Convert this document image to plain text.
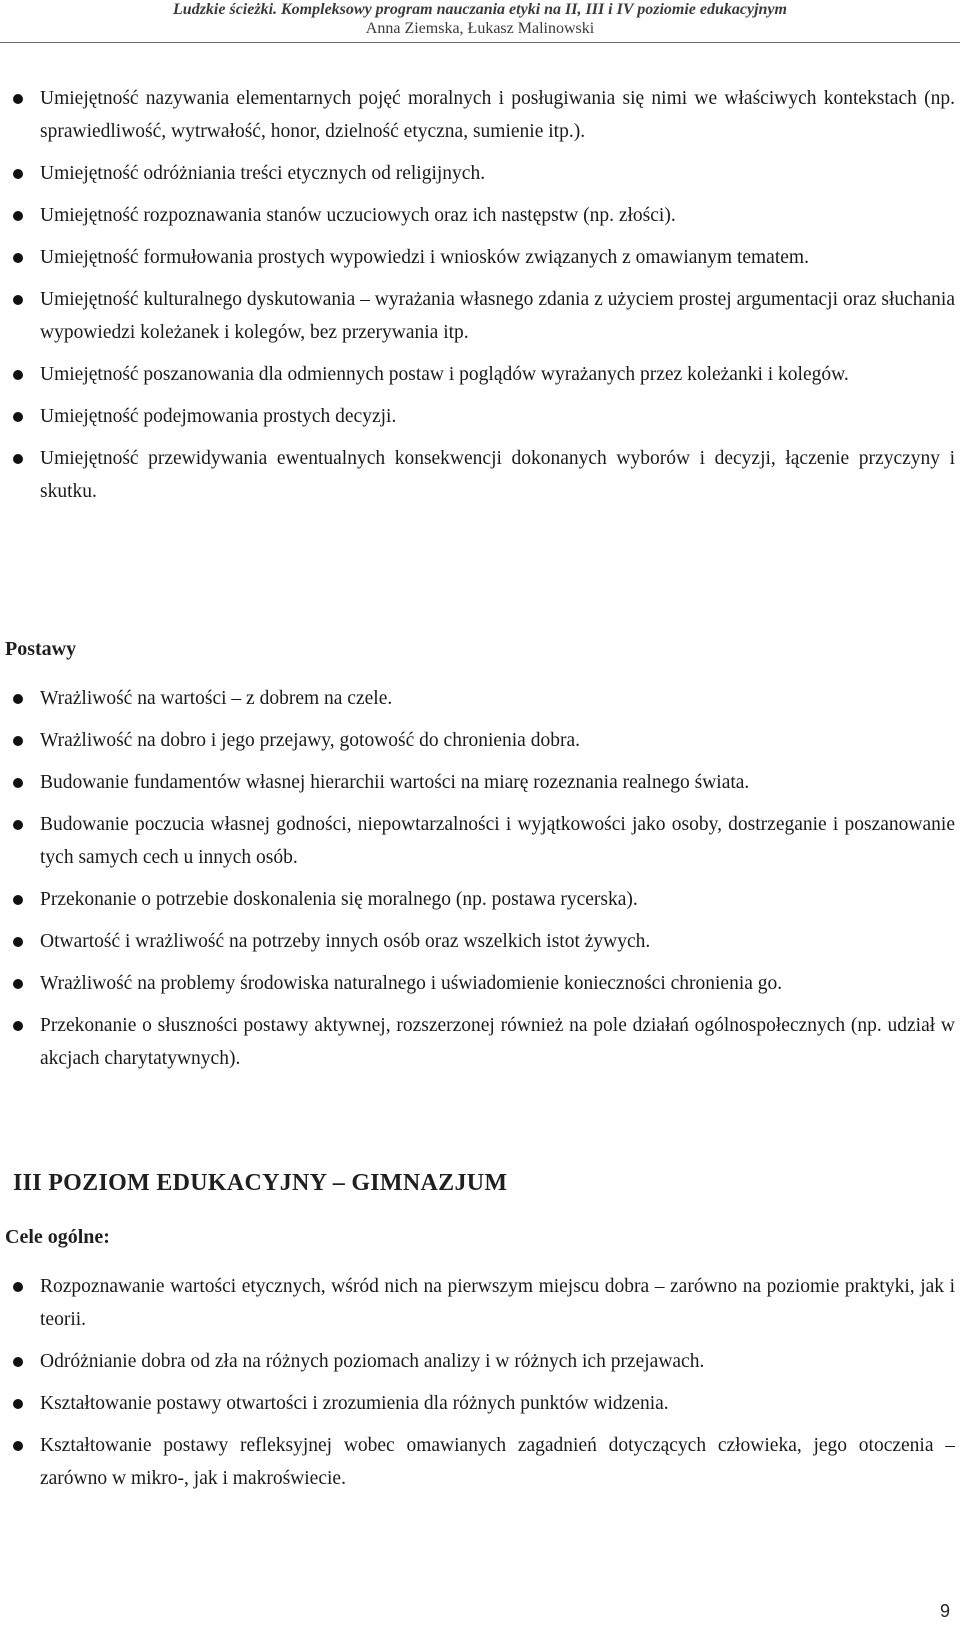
Ludzkie ścieżki. Kompleksowy program nauczania etyki na II, III i IV poziomie edukacyjnym
Anna Ziemska, Łukasz Malinowski
Umiejętność nazywania elementarnych pojęć moralnych i posługiwania się nimi we właściwych kontekstach (np. sprawiedliwość, wytrwałość, honor, dzielność etyczna, sumienie itp.).
Umiejętność odróżniania treści etycznych od religijnych.
Umiejętność rozpoznawania stanów uczuciowych oraz ich następstw (np. złości).
Umiejętność formułowania prostych wypowiedzi i wniosków związanych z omawianym tematem.
Umiejętność kulturalnego dyskutowania – wyrażania własnego zdania z użyciem prostej argumentacji oraz słuchania wypowiedzi koleżanek i kolegów, bez przerywania itp.
Umiejętność poszanowania dla odmiennych postaw i poglądów wyrażanych przez koleżanki i kolegów.
Umiejętność podejmowania prostych decyzji.
Umiejętność przewidywania ewentualnych konsekwencji dokonanych wyborów i decyzji, łączenie przyczyny i skutku.
Postawy
Wrażliwość na wartości – z dobrem na czele.
Wrażliwość na dobro i jego przejawy, gotowość do chronienia dobra.
Budowanie fundamentów własnej hierarchii wartości na miarę rozeznania realnego świata.
Budowanie poczucia własnej godności, niepowtarzalności i wyjątkowości jako osoby, dostrzeganie i poszanowanie tych samych cech u innych osób.
Przekonanie o potrzebie doskonalenia się moralnego (np. postawa rycerska).
Otwartość i wrażliwość na potrzeby innych osób oraz wszelkich istot żywych.
Wrażliwość na problemy środowiska naturalnego i uświadomienie konieczności chronienia go.
Przekonanie o słuszności postawy aktywnej, rozszerzonej również na pole działań ogólnospołecznych (np. udział w akcjach charytatywnych).
III POZIOM EDUKACYJNY – GIMNAZJUM
Cele ogólne:
Rozpoznawanie wartości etycznych, wśród nich na pierwszym miejscu dobra – zarówno na poziomie praktyki, jak i teorii.
Odróżnianie dobra od zła na różnych poziomach analizy i w różnych ich przejawach.
Kształtowanie postawy otwartości i zrozumienia dla różnych punktów widzenia.
Kształtowanie postawy refleksyjnej wobec omawianych zagadnień dotyczących człowieka, jego otoczenia – zarówno w mikro-, jak i makroświecie.
9
